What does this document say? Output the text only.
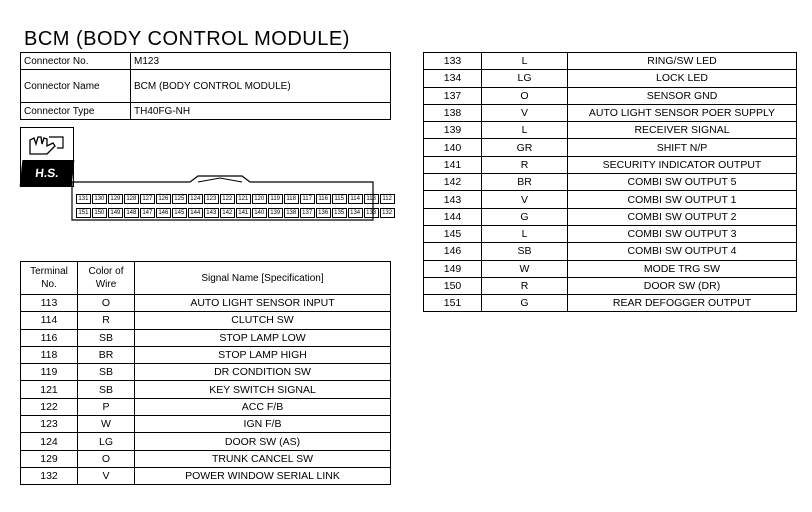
BCM (BODY CONTROL MODULE)
Connector No.	M123
Connector Name	BCM (BODY CONTROL MODULE)
Connector Type	TH40FG-NH
H.S.
131 130 129 128 127 126 125 124 123 122 121 120	119	118	117	116	115	114	113	112
151 150 149 148 147 146 145 144 143 142 141 140 139 138 137 136 135 134 133 132
Terminal No.	Color of Wire	Signal Name [Specification]
113	O	AUTO LIGHT SENSOR INPUT
114	R	CLUTCH SW
116	SB	STOP LAMP LOW
118	BR	STOP LAMP HIGH
119	SB	DR CONDITION SW
121	SB	KEY SWITCH SIGNAL
122	P	ACC F/B
123	W	IGN F/B
124	LG	DOOR SW (AS)
129	O	TRUNK CANCEL SW
132	V	POWER WINDOW SERIAL LINK
133	L	RING/SW LED
134	LG	LOCK LED
137	O	SENSOR GND
138	V	AUTO LIGHT SENSOR POER SUPPLY
139	L	RECEIVER SIGNAL
140	GR	SHIFT N/P
141	R	SECURITY INDICATOR OUTPUT
142	BR	COMBI SW OUTPUT 5
143	V	COMBI SW OUTPUT 1
144	G	COMBI SW OUTPUT 2
145	L	COMBI SW OUTPUT 3
146	SB	COMBI SW OUTPUT 4
149	W	MODE TRG SW
150	R	DOOR SW (DR)
151	G	REAR DEFOGGER OUTPUT
